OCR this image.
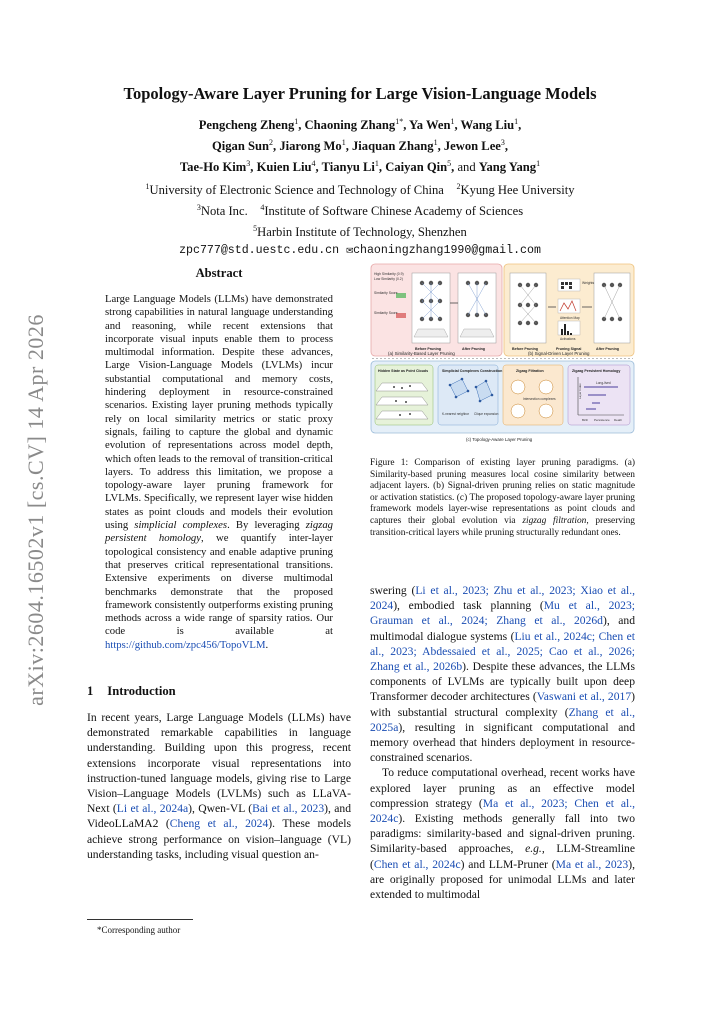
arXiv:2604.16502v1 [cs.CV] 14 Apr 2026
Topology-Aware Layer Pruning for Large Vision-Language Models
Pengcheng Zheng$^1$, Chaoning Zhang$^{1*}$, Ya Wen$^1$, Wang Liu$^1$,
Qigan Sun$^2$, Jiarong Mo$^1$, Jiaquan Zhang$^1$, Jewon Lee$^3$,
Tae-Ho Kim$^3$, Kuien Liu$^4$, Tianyu Li$^1$, Caiyan Qin$^5$, and Yang Yang$^1$
$^1$University of Electronic Science and Technology of China $^2$Kyung Hee University
$^3$Nota Inc. $^4$Institute of Software Chinese Academy of Sciences
$^5$Harbin Institute of Technology, Shenzhen
zpc777@std.uestc.edu.cn ✉chaoningzhang1990@gmail.com
Abstract
Large Language Models (LLMs) have demonstrated strong capabilities in natural language understanding and reasoning, while recent extensions that incorporate visual inputs enable them to process multimodal information. Despite these advances, Large Vision-Language Models (LVLMs) incur substantial computational and memory costs, hindering deployment in resource-constrained scenarios. Existing layer pruning methods typically rely on local similarity metrics or static proxy signals, failing to capture the global and dynamic evolution of representations across model depth, which often leads to the removal of transition-critical layers. To address this limitation, we propose a topology-aware layer pruning framework for LVLMs. Specifically, we represent layer wise hidden states as point clouds and models their evolution using simplicial complexes. By leveraging zigzag persistent homology, we quantify inter-layer topological consistency and enable adaptive pruning that preserves critical representational transitions. Extensive experiments on diverse multimodal benchmarks demonstrate that the proposed framework consistently outperforms existing pruning methods across a wide range of sparsity ratios. Our code is available at https://github.com/zpc456/TopoVLM.
1 Introduction
In recent years, Large Language Models (LLMs) have demonstrated remarkable capabilities in language understanding. Building upon this progress, recent extensions incorporate visual representations into instruction-tuned language models, giving rise to Large Vision–Language Models (LVLMs) such as LLaVA-Next (Li et al., 2024a), Qwen-VL (Bai et al., 2023), and VideoLLaMA2 (Cheng et al., 2024). These models achieve strong performance on vision–language (VL) understanding tasks, including visual question an-
*Corresponding author
High Similarity (0.9)
Low Similarity (0.2)
Similarity Score
Similarity Score
Before Pruning	After Pruning
(a) Similarity-Based Layer Pruning
Weights
Attention Map
Activations
Before Pruning	Pruning Signal	After Pruning
(b) Signal-Driven Layer Pruning
Hidden State as Point Clouds	Simplicial Complexes Construction	Zigzag Filtration	Zigzag Persistent Homology
K-nearest neighbor Clique expansion
Intersection complexes
Long-lived
Layer Index
Birth Persistence Death
(c) Topology-Aware Layer Pruning
Figure 1: Comparison of existing layer pruning paradigms. (a) Similarity-based pruning measures local cosine similarity between adjacent layers. (b) Signal-driven pruning relies on static magnitude or activation statistics. (c) The proposed topology-aware layer pruning framework models layer-wise representations as point clouds and captures their global evolution via zigzag filtration, preserving transition-critical layers while pruning structurally redundant ones.
swering (Li et al., 2023; Zhu et al., 2023; Xiao et al., 2024), embodied task planning (Mu et al., 2023; Grauman et al., 2024; Zhang et al., 2026d), and multimodal dialogue systems (Liu et al., 2024c; Chen et al., 2023; Abdessaied et al., 2025; Cao et al., 2026; Zhang et al., 2026b). Despite these advances, the LLMs components of LVLMs are typically built upon deep Transformer decoder architectures (Vaswani et al., 2017) with substantial structural complexity (Zhang et al., 2025a), resulting in significant computational and memory overhead that hinders deployment in resource-constrained scenarios.
To reduce computational overhead, recent works have explored layer pruning as an effective model compression strategy (Ma et al., 2023; Chen et al., 2024c). Existing methods generally fall into two paradigms: similarity-based and signal-driven pruning. Similarity-based approaches, e.g., LLM-Streamline (Chen et al., 2024c) and LLM-Pruner (Ma et al., 2023), are originally proposed for unimodal LLMs and later extended to multimodal
